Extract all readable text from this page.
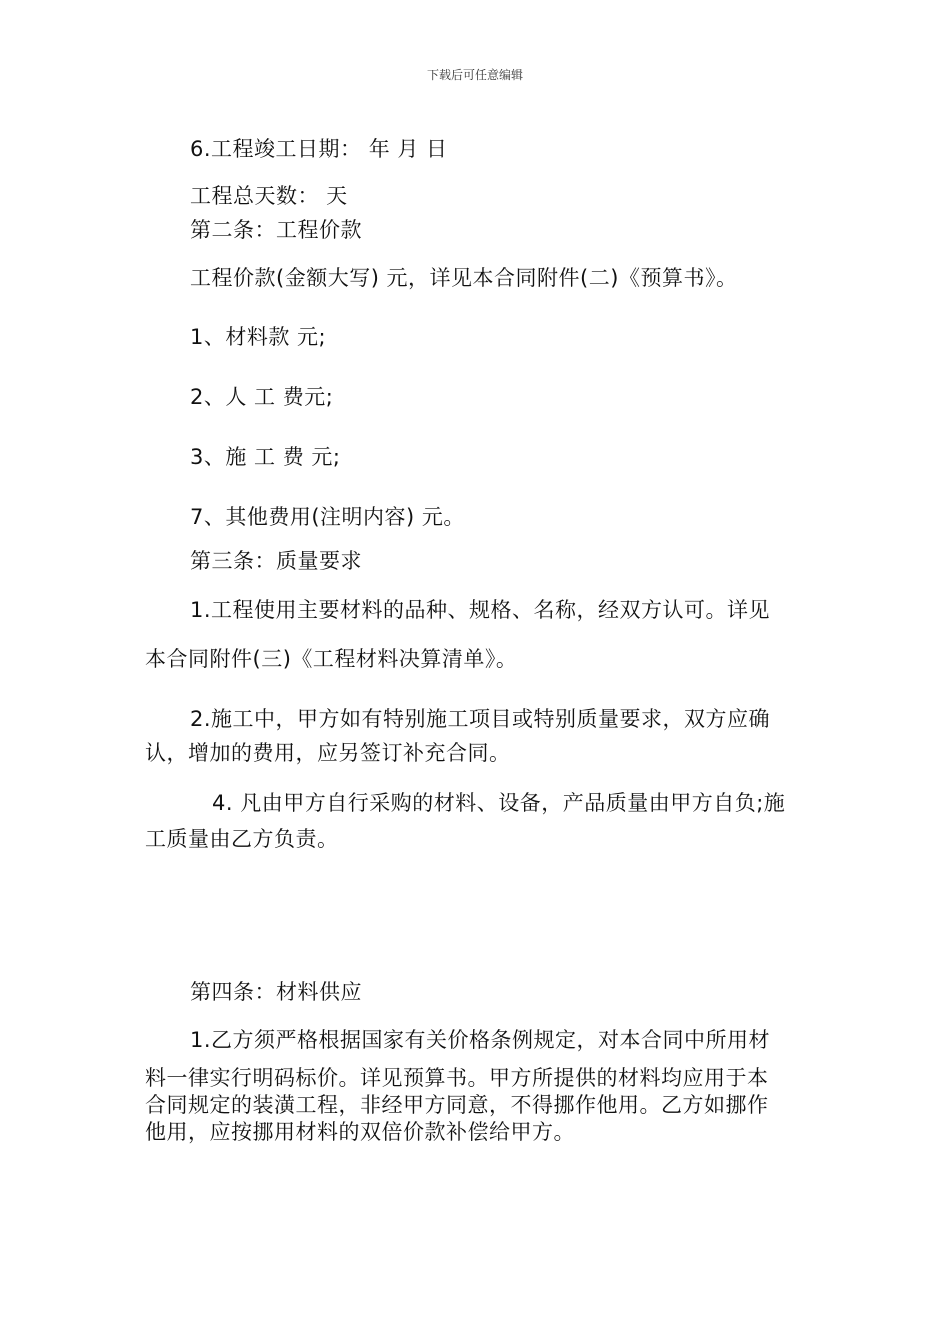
下载后可任意编辑
6.工程竣工日期： 年 月 日
工程总天数： 天
第二条：工程价款
工程价款(金额大写) 元，详见本合同附件(二)《预算书》。
1、材料款 元;
2、人 工 费元;
3、施 工 费 元;
7、其他费用(注明内容) 元。
第三条：质量要求
1.工程使用主要材料的品种、规格、名称，经双方认可。详见
本合同附件(三)《工程材料决算清单》。
2.施工中，甲方如有特别施工项目或特别质量要求，双方应确
认，增加的费用，应另签订补充合同。
4. 凡由甲方自行采购的材料、设备，产品质量由甲方自负;施
工质量由乙方负责。
第四条：材料供应
1.乙方须严格根据国家有关价格条例规定，对本合同中所用材
料一律实行明码标价。详见预算书。甲方所提供的材料均应用于本
合同规定的装潢工程，非经甲方同意，不得挪作他用。乙方如挪作
他用，应按挪用材料的双倍价款补偿给甲方。
